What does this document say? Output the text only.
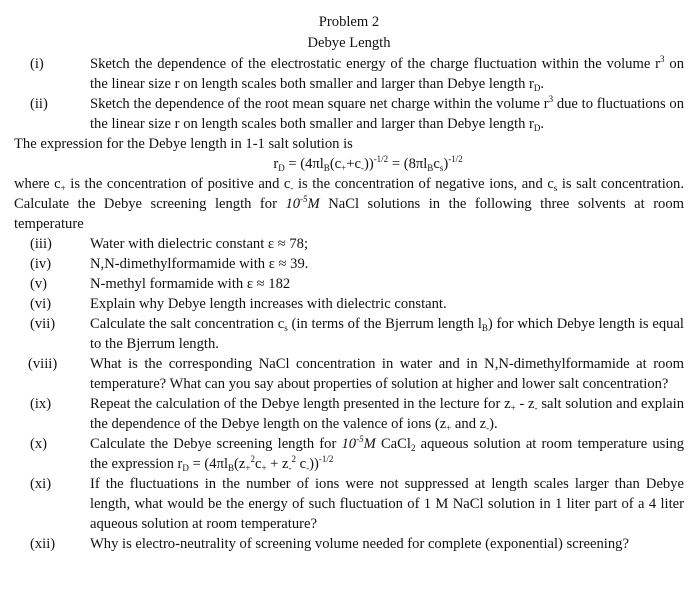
Problem 2
Debye Length
(i)	Sketch the dependence of the electrostatic energy of the charge fluctuation within the volume $r^3$ on the linear size r on length scales both smaller and larger than Debye length $r_D$.
(ii)	Sketch the dependence of the root mean square net charge within the volume $r^3$ due to fluctuations on the linear size r on length scales both smaller and larger than Debye length $r_D$.
The expression for the Debye length in 1-1 salt solution is
$r_D = (4\pi l_B(c_++c_-))^{-1/2} = (8\pi l_Bc_s)^{-1/2}$
where $c_+$ is the concentration of positive and $c_-$ is the concentration of negative ions, and $c_s$ is salt concentration. Calculate the Debye screening length for $10^{-5}M$ NaCl solutions in the following three solvents at room temperature
(iii)	Water with dielectric constant ε ≈ 78;
(iv)	N,N-dimethylformamide with ε ≈ 39.
(v)	N-methyl formamide with ε ≈ 182
(vi)	Explain why Debye length increases with dielectric constant.
(vii)	Calculate the salt concentration $c_s$ (in terms of the Bjerrum length $l_B$) for which Debye length is equal to the Bjerrum length.
(viii)	What is the corresponding NaCl concentration in water and in N,N-dimethylformamide at room temperature? What can you say about properties of solution at higher and lower salt concentration?
(ix)	Repeat the calculation of the Debye length presented in the lecture for $z_+ - z_-$ salt solution and explain the dependence of the Debye length on the valence of ions ($z_+$ and $z_-$).
(x)	Calculate the Debye screening length for $10^{-5}M$ CaCl$_2$ aqueous solution at room temperature using the expression $r_D = (4\pi l_B(z_+^2c_+ + z_-^2$ $c_-))^{-1/2}$
(xi)	If the fluctuations in the number of ions were not suppressed at length scales larger than Debye length, what would be the energy of such fluctuation of 1 M NaCl solution in 1 liter part of a 4 liter aqueous solution at room temperature?
(xii)	Why is electro-neutrality of screening volume needed for complete (exponential) screening?
